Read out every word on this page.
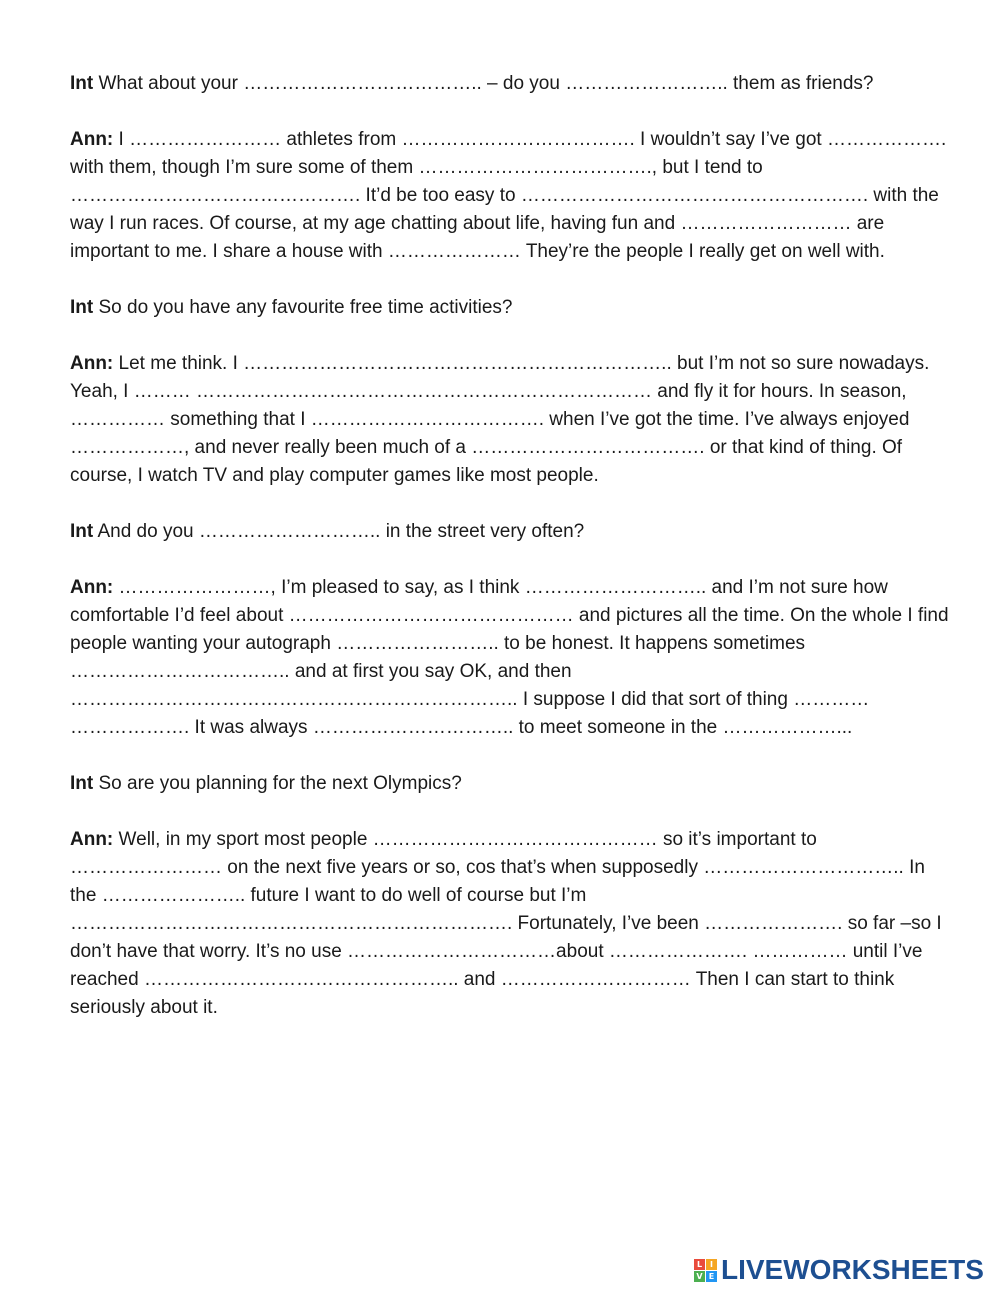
Int What about your ……………………………….. – do you …………………….. them as friends?

Ann: I …………………… athletes from ………………………………. I wouldn’t say I’ve got ………………. with them, though I’m sure some of them ………………………………., but I tend to ………………………………………. It’d be too easy to ………………………………………………. with the way I run races. Of course, at my age chatting about life, having fun and ……………………… are important to me. I share a house with ………………… They’re the people I really get on well with.

Int So do you have any favourite free time activities?

Ann: Let me think. I ………………………………………………………….. but I’m not so sure nowadays. Yeah, I ……… ……………………………………………………………… and fly it for hours. In season, …………… something that I ………………………………. when I’ve got the time. I’ve always enjoyed ………………, and never really been much of a ………………………………. or that kind of thing. Of course, I watch TV and play computer games like most people.

Int And do you ……………………….. in the street very often?

Ann: ……………………, I’m pleased to say, as I think ……………………….. and I’m not sure how comfortable I’d feel about ……………………………………… and pictures all the time. On the whole I find people wanting your autograph …………………….. to be honest. It happens sometimes …………………………….. and at first you say OK, and then …………………………………………………………….. I suppose I did that sort of thing ………… ………………. It was always ………………………….. to meet someone in the ………………...

Int So are you planning for the next Olympics?

Ann: Well, in my sport most people ……………………………………… so it’s important to …………………… on the next five years or so, cos that’s when supposedly ………………………….. In the ………………….. future I want to do well of course but I’m ……………………………………………………………. Fortunately, I’ve been …………………. so far –so I don’t have that worry. It’s no use ……………………………about …………………. …………… until I’ve reached ………………………………………….. and ………………………… Then I can start to think seriously about it.

L I
V E LIVEWORKSHEETS
